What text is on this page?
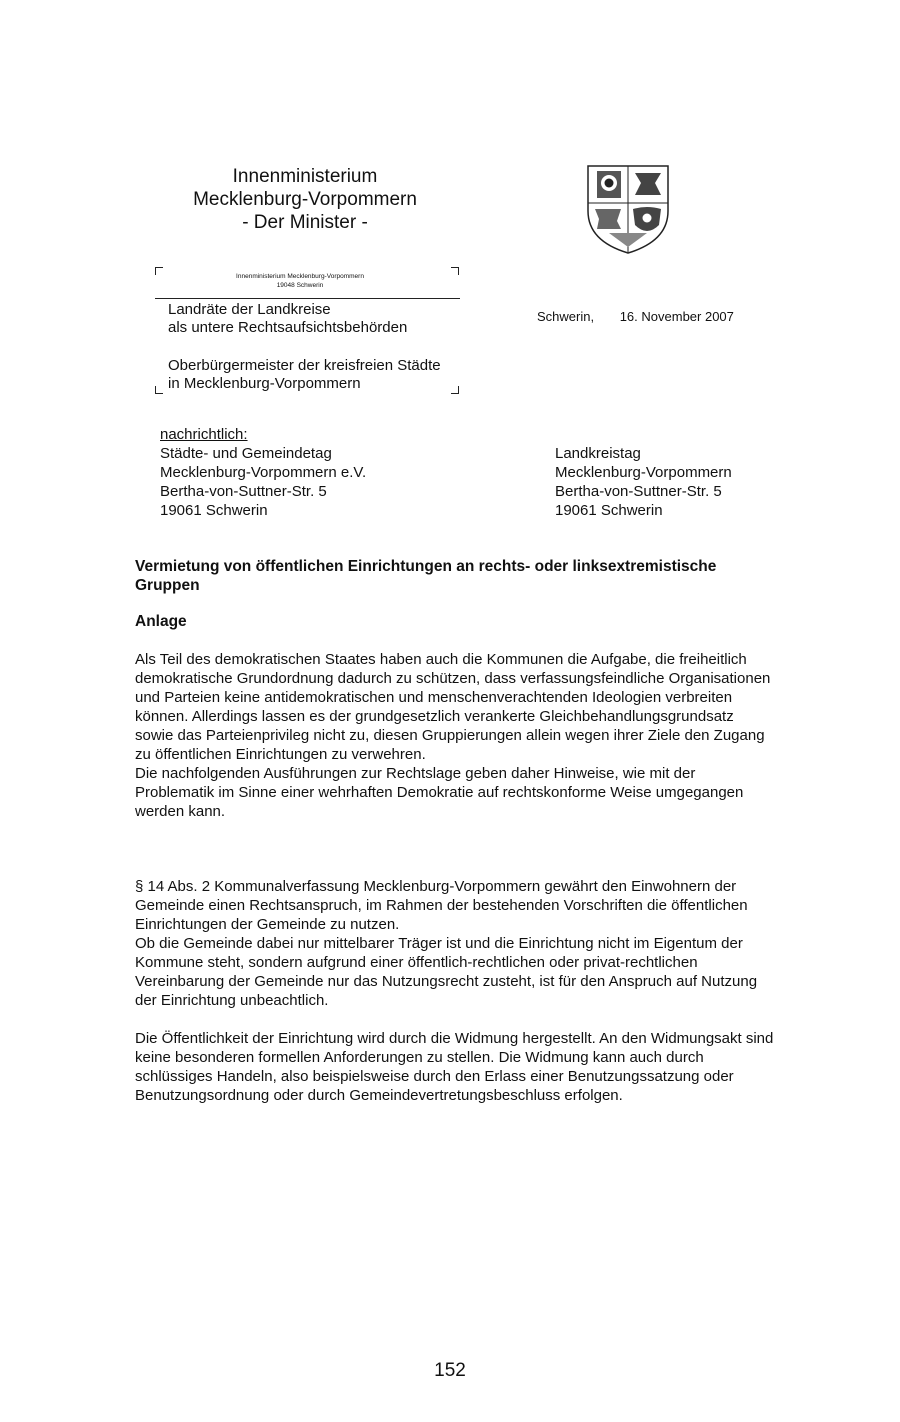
Innenministerium
Mecklenburg-Vorpommern
- Der Minister -
Innenministerium Mecklenburg-Vorpommern
19048 Schwerin
Landräte der Landkreise
als untere Rechtsaufsichtsbehörden
Oberbürgermeister der kreisfreien Städte
in Mecklenburg-Vorpommern
Schwerin, 16. November 2007
nachrichtlich:
Städte- und Gemeindetag
Mecklenburg-Vorpommern e.V.
Bertha-von-Suttner-Str. 5
19061 Schwerin
Landkreistag
Mecklenburg-Vorpommern
Bertha-von-Suttner-Str. 5
19061 Schwerin
Vermietung von öffentlichen Einrichtungen an rechts- oder linksextremistische Gruppen
Anlage

Als Teil des demokratischen Staates haben auch die Kommunen die Aufgabe, die freiheitlich demokratische Grundordnung dadurch zu schützen, dass verfassungsfeindliche Organisationen und Parteien keine antidemokratischen und menschenverachtenden Ideologien verbreiten können. Allerdings lassen es der grundgesetzlich verankerte Gleichbehandlungsgrundsatz sowie das Parteienprivileg nicht zu, diesen Gruppierungen allein wegen ihrer Ziele den Zugang zu öffentlichen Einrichtungen zu verwehren.

Die nachfolgenden Ausführungen zur Rechtslage geben daher Hinweise, wie mit der Problematik im Sinne einer wehrhaften Demokratie auf rechtskonforme Weise umgegangen werden kann.

§ 14 Abs. 2 Kommunalverfassung Mecklenburg-Vorpommern gewährt den Einwohnern der Gemeinde einen Rechtsanspruch, im Rahmen der bestehenden Vorschriften die öffentlichen Einrichtungen der Gemeinde zu nutzen.

Ob die Gemeinde dabei nur mittelbarer Träger ist und die Einrichtung nicht im Eigentum der Kommune steht, sondern aufgrund einer öffentlich-rechtlichen oder privat-rechtlichen Vereinbarung der Gemeinde nur das Nutzungsrecht zusteht, ist für den Anspruch auf Nutzung der Einrichtung unbeachtlich.

Die Öffentlichkeit der Einrichtung wird durch die Widmung hergestellt. An den Widmungsakt sind keine besonderen formellen Anforderungen zu stellen. Die Widmung kann auch durch schlüssiges Handeln, also beispielsweise durch den Erlass einer Benutzungssatzung oder Benutzungsordnung oder durch Gemeindevertretungsbeschluss erfolgen.

152
